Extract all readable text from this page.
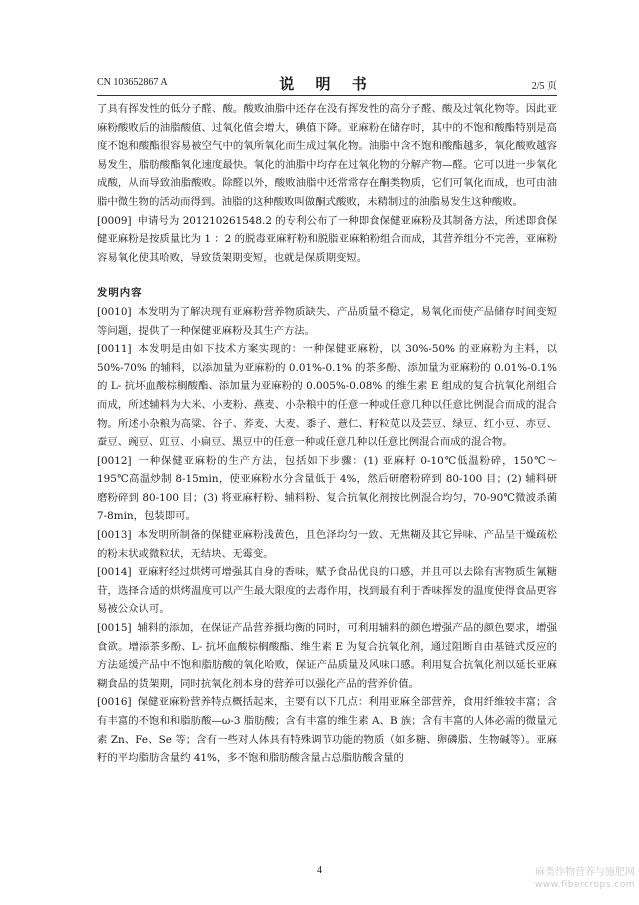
CN 103652867 A	说 明 书	2/5 页

了具有挥发性的低分子醛、酸。酸败油脂中还存在没有挥发性的高分子醛、酸及过氧化物等。因此亚麻粉酸败后的油脂酸值、过氧化值会增大，碘值下降。亚麻粉在储存时，其中的不饱和酸酯特别是高度不饱和酸酯很容易被空气中的氧所氧化而生成过氧化物。油脂中含不饱和酸酯越多，氧化酸败越容易发生，脂肪酸酯氧化速度最快。氧化的油脂中均存在过氧化物的分解产物—醛。它可以进一步氧化成酸，从而导致油脂酸败。除醛以外，酸败油脂中还常常存在酮类物质，它们可氧化而成，也可由油脂中微生物的活动而得到。油脂的这种酸败叫做酮式酸败，未精制过的油脂易发生这种酸败。

[0009] 申请号为 201210261548.2 的专利公布了一种即食保健亚麻粉及其制备方法，所述即食保健亚麻粉是按质量比为 1 ：2 的脱毒亚麻籽粉和脱脂亚麻粕粉组合而成，其营养组分不完善，亚麻粉容易氧化使其哈败，导致货架期变短，也就是保质期变短。

发明内容

[0010] 本发明为了解决现有亚麻粉营养物质缺失、产品质量不稳定，易氧化而使产品储存时间变短等问题，提供了一种保健亚麻粉及其生产方法。

[0011] 本发明是由如下技术方案实现的：一种保健亚麻粉，以 30%-50% 的亚麻粉为主料，以 50%-70% 的辅料，以添加量为亚麻粉的 0.01%-0.1% 的茶多酚、添加量为亚麻粉的 0.01%-0.1% 的 L- 抗坏血酸棕榈酸酯、添加量为亚麻粉的 0.005%-0.08% 的维生素 E 组成的复合抗氧化剂组合而成，所述辅料为大米、小麦粉、燕麦、小杂粮中的任意一种或任意几种以任意比例混合而成的混合物。所述小杂粮为高粱、谷子、荞麦、大麦、黍子、薏仁、籽粒苋以及芸豆、绿豆、红小豆、赤豆、蚕豆、豌豆、豇豆、小扁豆、黑豆中的任意一种或任意几种以任意比例混合而成的混合物。

[0012] 一种保健亚麻粉的生产方法，包括如下步骤：(1) 亚麻籽 0-10℃低温粉碎，150℃～195℃高温炒制 8-15min，使亚麻粉水分含量低于 4%，然后研磨粉碎到 80-100 目；(2) 辅料研磨粉碎到 80-100 目；(3) 将亚麻籽粉、辅料粉、复合抗氧化剂按比例混合均匀，70-90℃微波杀菌 7-8min，包装即可。

[0013] 本发明所制备的保健亚麻粉浅黄色，且色泽均匀一致、无焦糊及其它异味、产品呈干燥疏松的粉末状或微粒状，无结块、无霉变。

[0014] 亚麻籽经过烘烤可增强其自身的香味，赋予食品优良的口感，并且可以去除有害物质生氰糖苷，选择合适的烘烤温度可以产生最大限度的去毒作用，找到最有利于香味挥发的温度使得食品更容易被公众认可。

[0015] 辅料的添加，在保证产品营养摄均衡的同时，可利用辅料的颜色增强产品的颜色要求，增强食欲。增添茶多酚、L- 抗坏血酸棕榈酸酯、维生素 E 为复合抗氧化剂，通过阻断自由基链式反应的方法延缓产品中不饱和脂肪酸的氧化哈败，保证产品质量及风味口感。利用复合抗氧化剂以延长亚麻糊食品的货架期，同时抗氧化剂本身的营养可以强化产品的营养价值。

[0016] 保健亚麻粉营养特点概括起来，主要有以下几点：利用亚麻全部营养，食用纤维较丰富；含有丰富的不饱和和脂肪酸—ω-3 脂肪酸；含有丰富的维生素 A、B 族；含有丰富的人体必需的微量元素 Zn、Fe、Se 等；含有一些对人体具有特殊调节功能的物质（如多糖、卵磷脂、生物碱等）。亚麻籽的平均脂肪含量约 41%，多不饱和脂肪酸含量占总脂肪酸含量的

4	麻类作物营养与施肥网
www.fibercrops.com
